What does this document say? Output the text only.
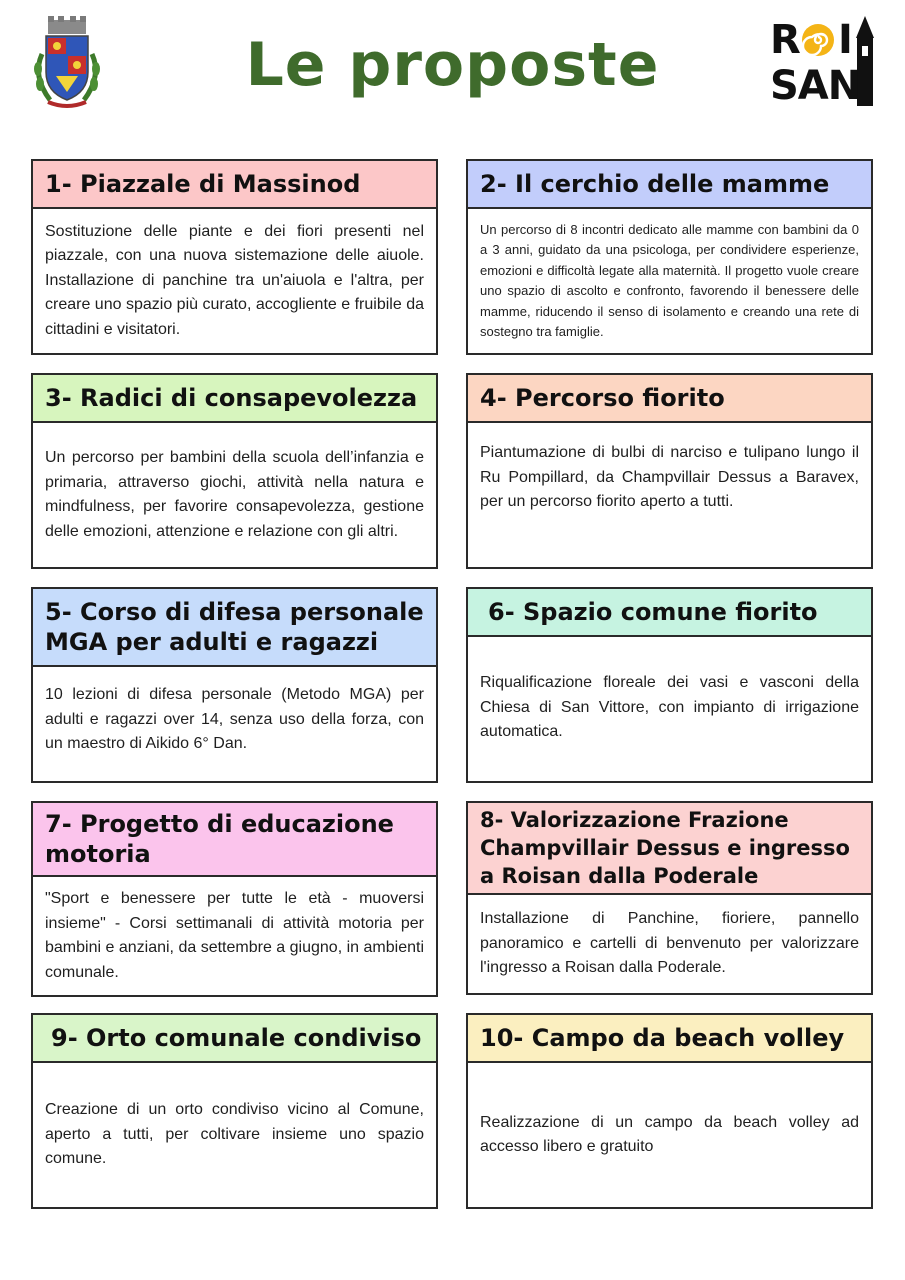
Le proposte	R I
SAN
1- Piazzale di Massinod
Sostituzione delle piante e dei fiori presenti nel piazzale, con una nuova sistemazione delle aiuole. Installazione di panchine tra un'aiuola e l'altra, per creare uno spazio più curato, accogliente e fruibile da cittadini e visitatori.
2- Il cerchio delle mamme
Un percorso di 8 incontri dedicato alle mamme con bambini da 0 a 3 anni, guidato da una psicologa, per condividere esperienze, emozioni e difficoltà legate alla maternità. Il progetto vuole creare uno spazio di ascolto e confronto, favorendo il benessere delle mamme, riducendo il senso di isolamento e creando una rete di sostegno tra famiglie.
3- Radici di consapevolezza
Un percorso per bambini della scuola dell’infanzia e primaria, attraverso giochi, attività nella natura e mindfulness, per favorire consapevolezza, gestione delle emozioni, attenzione e relazione con gli altri.
4- Percorso fiorito
Piantumazione di bulbi di narciso e tulipano lungo il Ru Pompillard, da Champvillair Dessus a Baravex, per un percorso fiorito aperto a tutti.
5- Corso di difesa personale MGA per adulti e ragazzi
10 lezioni di difesa personale (Metodo MGA) per adulti e ragazzi over 14, senza uso della forza, con un maestro di Aikido 6° Dan.
6- Spazio comune fiorito
Riqualificazione floreale dei vasi e vasconi della Chiesa di San Vittore, con impianto di irrigazione automatica.
7- Progetto di educazione motoria
"Sport e benessere per tutte le età - muoversi insieme" - Corsi settimanali di attività motoria per bambini e anziani, da settembre a giugno, in ambienti comunale.
8- Valorizzazione Frazione Champvillair Dessus e ingresso a Roisan dalla Poderale
Installazione di Panchine, fioriere, pannello panoramico e cartelli di benvenuto per valorizzare l'ingresso a Roisan dalla Poderale.
9- Orto comunale condiviso
Creazione di un orto condiviso vicino al Comune, aperto a tutti, per coltivare insieme uno spazio comune.
10- Campo da beach volley
Realizzazione di un campo da beach volley ad accesso libero e gratuito
